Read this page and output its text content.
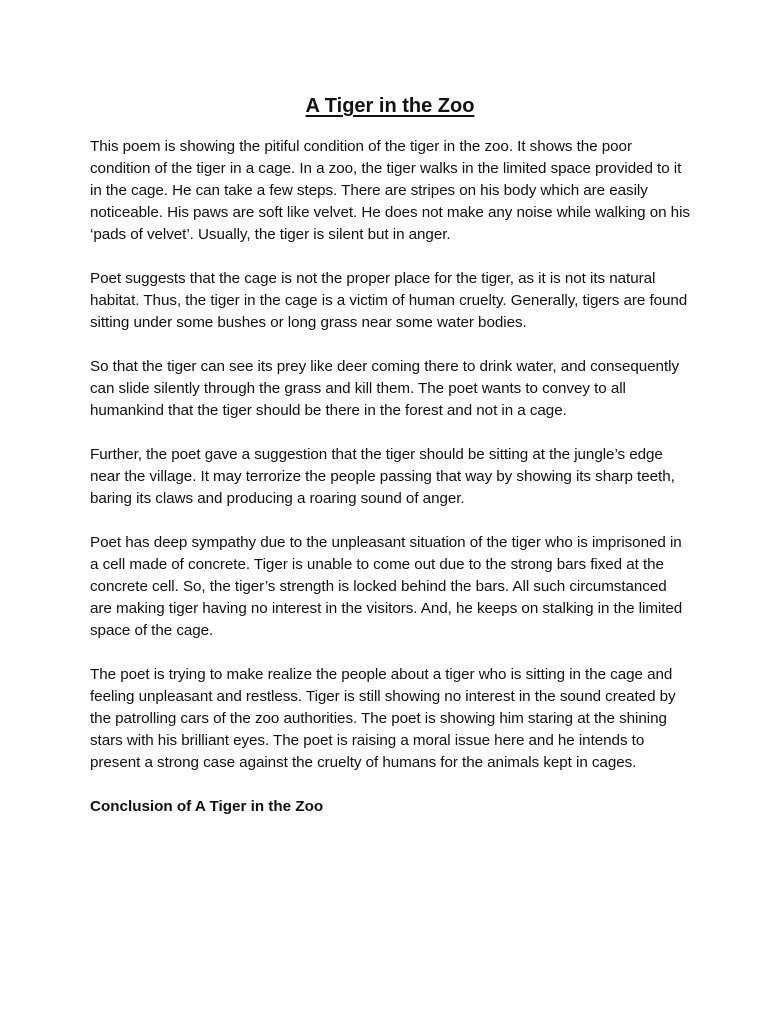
A Tiger in the Zoo

This poem is showing the pitiful condition of the tiger in the zoo. It shows the poor condition of the tiger in a cage. In a zoo, the tiger walks in the limited space provided to it in the cage. He can take a few steps. There are stripes on his body which are easily noticeable. His paws are soft like velvet. He does not make any noise while walking on his ‘pads of velvet’. Usually, the tiger is silent but in anger.

Poet suggests that the cage is not the proper place for the tiger, as it is not its natural habitat. Thus, the tiger in the cage is a victim of human cruelty. Generally, tigers are found sitting under some bushes or long grass near some water bodies.

So that the tiger can see its prey like deer coming there to drink water, and consequently can slide silently through the grass and kill them. The poet wants to convey to all humankind that the tiger should be there in the forest and not in a cage.

Further, the poet gave a suggestion that the tiger should be sitting at the jungle’s edge near the village. It may terrorize the people passing that way by showing its sharp teeth, baring its claws and producing a roaring sound of anger.

Poet has deep sympathy due to the unpleasant situation of the tiger who is imprisoned in a cell made of concrete. Tiger is unable to come out due to the strong bars fixed at the concrete cell. So, the tiger’s strength is locked behind the bars. All such circumstanced are making tiger having no interest in the visitors. And, he keeps on stalking in the limited space of the cage.

The poet is trying to make realize the people about a tiger who is sitting in the cage and feeling unpleasant and restless. Tiger is still showing no interest in the sound created by the patrolling cars of the zoo authorities. The poet is showing him staring at the shining stars with his brilliant eyes. The poet is raising a moral issue here and he intends to present a strong case against the cruelty of humans for the animals kept in cages.

Conclusion of A Tiger in the Zoo
